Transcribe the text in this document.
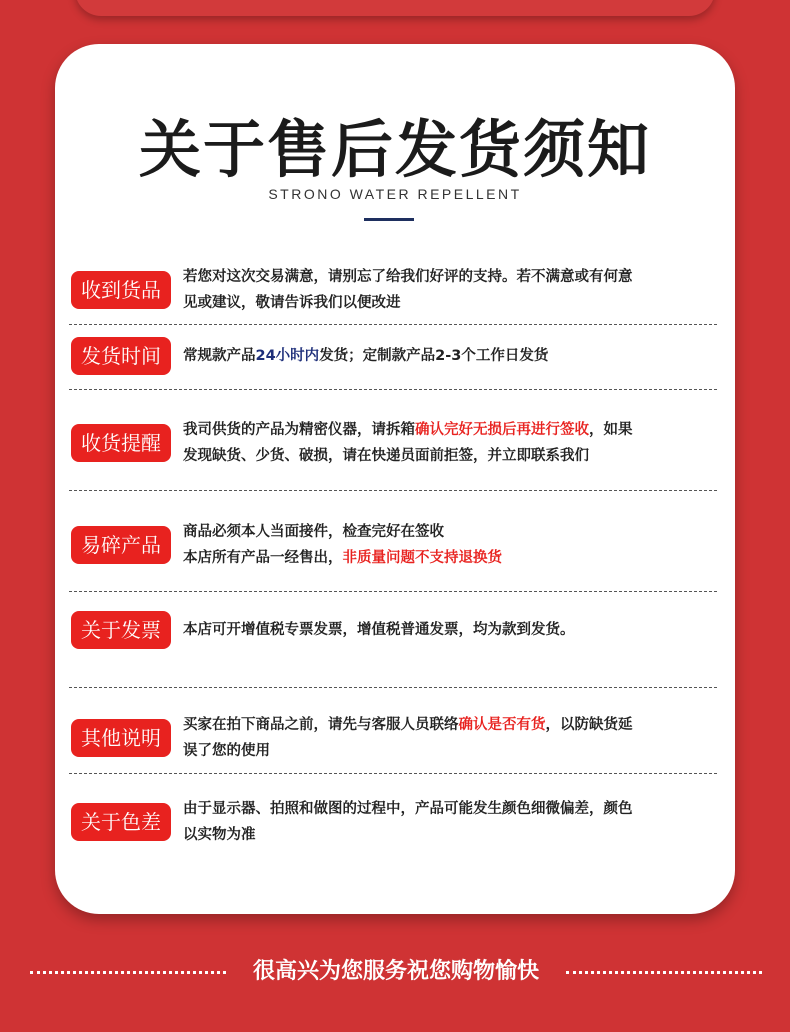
关于售后发货须知
STRONO WATER REPELLENT
收到货品
若您对这次交易满意，请别忘了给我们好评的支持。若不满意或有何意
见或建议，敬请告诉我们以便改进
发货时间	常规款产品24小时内发货；定制款产品2-3个工作日发货
收货提醒
我司供货的产品为精密仪器，请拆箱确认完好无损后再进行签收，如果
发现缺货、少货、破损，请在快递员面前拒签，并立即联系我们
易碎产品
商品必须本人当面接件，检查完好在签收
本店所有产品一经售出，非质量问题不支持退换货
关于发票	本店可开增值税专票发票，增值税普通发票，均为款到发货。
其他说明
买家在拍下商品之前，请先与客服人员联络确认是否有货，以防缺货延
误了您的使用
关于色差
由于显示器、拍照和做图的过程中，产品可能发生颜色细微偏差，颜色
以实物为准
很高兴为您服务祝您购物愉快
